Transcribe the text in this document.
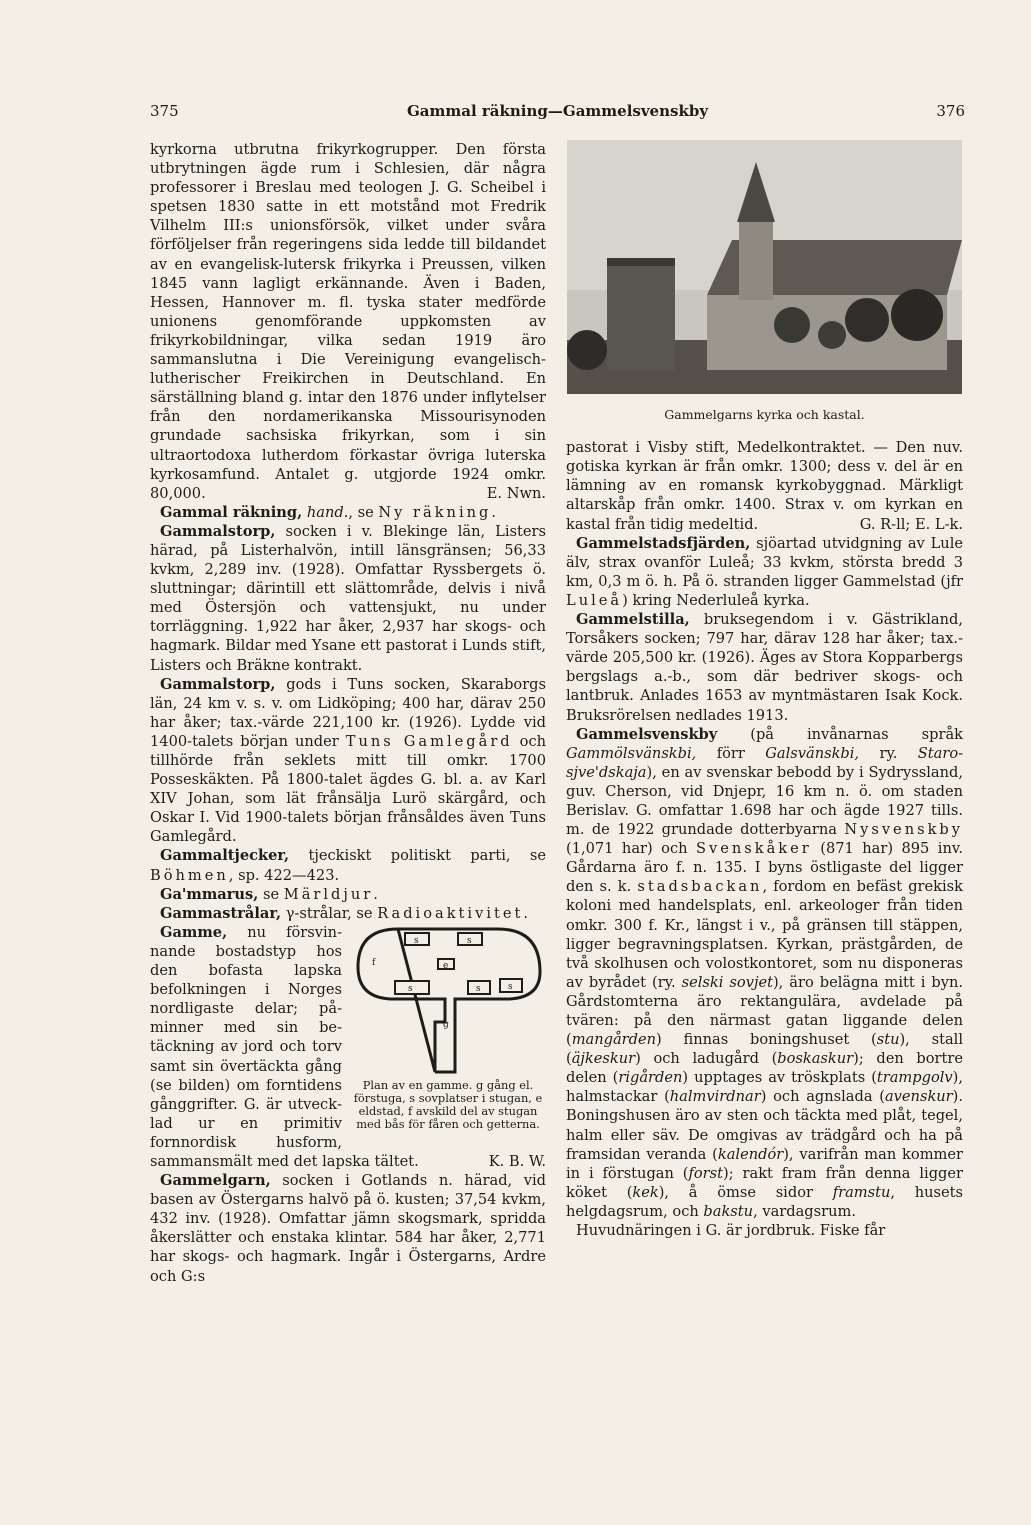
375	Gammal räkning—Gammelsvenskby	376

kyrkorna utbrutna frikyrkogrupper. Den första utbrytningen ägde rum i Schlesien, där några professorer i Breslau med teologen J. G. Scheibel i spetsen 1830 satte in ett motstånd mot Fredrik Vilhelm III:s unionsförsök, vilket under svåra förföljelser från regeringens sida ledde till bildandet av en evangelisk-lutersk frikyrka i Preussen, vilken 1845 vann lagligt erkännande. Även i Baden, Hessen, Hannover m. fl. tyska stater medförde unionens genomförande uppkomsten av frikyrkobildningar, vilka sedan 1919 äro sammanslutna i Die Vereinigung evangelisch-lutherischer Freikirchen in Deutschland. En särställning bland g. intar den 1876 under inflytelser från den nordamerikanska Missourisynoden grundade sachsiska frikyrkan, som i sin ultraortodoxa lutherdom förkastar övriga luterska kyrkosamfund. Antalet g. utgjorde 1924 omkr. 80,000.	E. Nwn.

Gammal räkning, hand., se Ny räkning.

Gammalstorp, socken i v. Blekinge län, Listers härad, på Listerhalvön, intill länsgränsen; 56,33 kvkm, 2,289 inv. (1928). Omfattar Ryssbergets ö. sluttningar; därintill ett slättområde, delvis i nivå med Östersjön och vattensjukt, nu under torrläggning. 1,922 har åker, 2,937 har skogs- och hagmark. Bildar med Ysane ett pastorat i Lunds stift, Listers och Bräkne kontrakt.

Gammalstorp, gods i Tuns socken, Skaraborgs län, 24 km v. s. v. om Lidköping; 400 har, därav 250 har åker; tax.-värde 221,100 kr. (1926). Lydde vid 1400-talets början under Tuns Gamlegård och tillhörde från seklets mitt till omkr. 1700 Posseskäkten. På 1800-talet ägdes G. bl. a. av Karl XIV Johan, som lät frånsälja Lurö skärgård, och Oskar I. Vid 1900-talets början frånsåldes även Tuns Gamlegård.

Gammaltjecker, tjeckiskt politiskt parti, se Böhmen, sp. 422—423.

Ga'mmarus, se Märldjur.

Gammastrålar, γ-strålar, se Radioaktivitet.

s	s
f	e
s	s	s
g
Plan av en gamme. g gång el. förstuga, s sovplatser i stugan, e eldstad, f avskild del av stugan med bås för fåren och getterna.

Gamme, nu försvinnande bostadstyp hos den bofasta lapska befolkningen i Norges nordligaste delar; påminner med sin betäckning av jord och torv samt sin övertäckta gång (se bilden) om forntidens gånggrifter. G. är utvecklad ur en primitiv fornnordisk husform, sammansmält med det lapska tältet.	K. B. W.

Gammelgarn, socken i Gotlands n. härad, vid basen av Östergarns halvö på ö. kusten; 37,54 kvkm, 432 inv. (1928). Omfattar jämn skogsmark, spridda åkerslätter och enstaka klintar. 584 har åker, 2,771 har skogs- och hagmark. Ingår i Östergarns, Ardre och G:s

Gammelgarns kyrka och kastal.

pastorat i Visby stift, Medelkontraktet. — Den nuv. gotiska kyrkan är från omkr. 1300; dess v. del är en lämning av en romansk kyrkobyggnad. Märkligt altarskåp från omkr. 1400. Strax v. om kyrkan en kastal från tidig medeltid.	G. R-ll; E. L-k.

Gammelstadsfjärden, sjöartad utvidgning av Lule älv, strax ovanför Luleå; 33 kvkm, största bredd 3 km, 0,3 m ö. h. På ö. stranden ligger Gammelstad (jfr Luleå) kring Nederluleå kyrka.

Gammelstilla, bruksegendom i v. Gästrikland, Torsåkers socken; 797 har, därav 128 har åker; tax.-värde 205,500 kr. (1926). Äges av Stora Kopparbergs bergslags a.-b., som där bedriver skogs- och lantbruk. Anlades 1653 av myntmästaren Isak Kock. Bruksrörelsen nedlades 1913.

Gammelsvenskby (på invånarnas språk Gammölsvänskbi, förr Galsvänskbi, ry. Starosjve'dskaja), en av svenskar bebodd by i Sydryssland, guv. Cherson, vid Dnjepr, 16 km n. ö. om staden Berislav. G. omfattar 1.698 har och ägde 1927 tills. m. de 1922 grundade dotterbyarna Nysvenskby (1,071 har) och Svenskåker (871 har) 895 inv. Gårdarna äro f. n. 135. I byns östligaste del ligger den s. k. stadsbackan, fordom en befäst grekisk koloni med handelsplats, enl. arkeologer från tiden omkr. 300 f. Kr., längst i v., på gränsen till stäppen, ligger begravningsplatsen. Kyrkan, prästgården, de två skolhusen och volostkontoret, som nu disponeras av byrådet (ry. selski sovjet), äro belägna mitt i byn. Gårdstomterna äro rektangulära, avdelade på tvären: på den närmast gatan liggande delen (mangården) finnas boningshuset (stu), stall (äjkeskur) och ladugård (boskaskur); den bortre delen (rigården) upptages av tröskplats (trampgolv), halmstackar (halmvirdnar) och agnslada (avenskur). Boningshusen äro av sten och täckta med plåt, tegel, halm eller säv. De omgivas av trädgård och ha på framsidan veranda (kalendór), varifrån man kommer in i förstugan (forst); rakt fram från denna ligger köket (kek), å ömse sidor framstu, husets helgdagsrum, och bakstu, vardagsrum.

Huvudnäringen i G. är jordbruk. Fiske får
